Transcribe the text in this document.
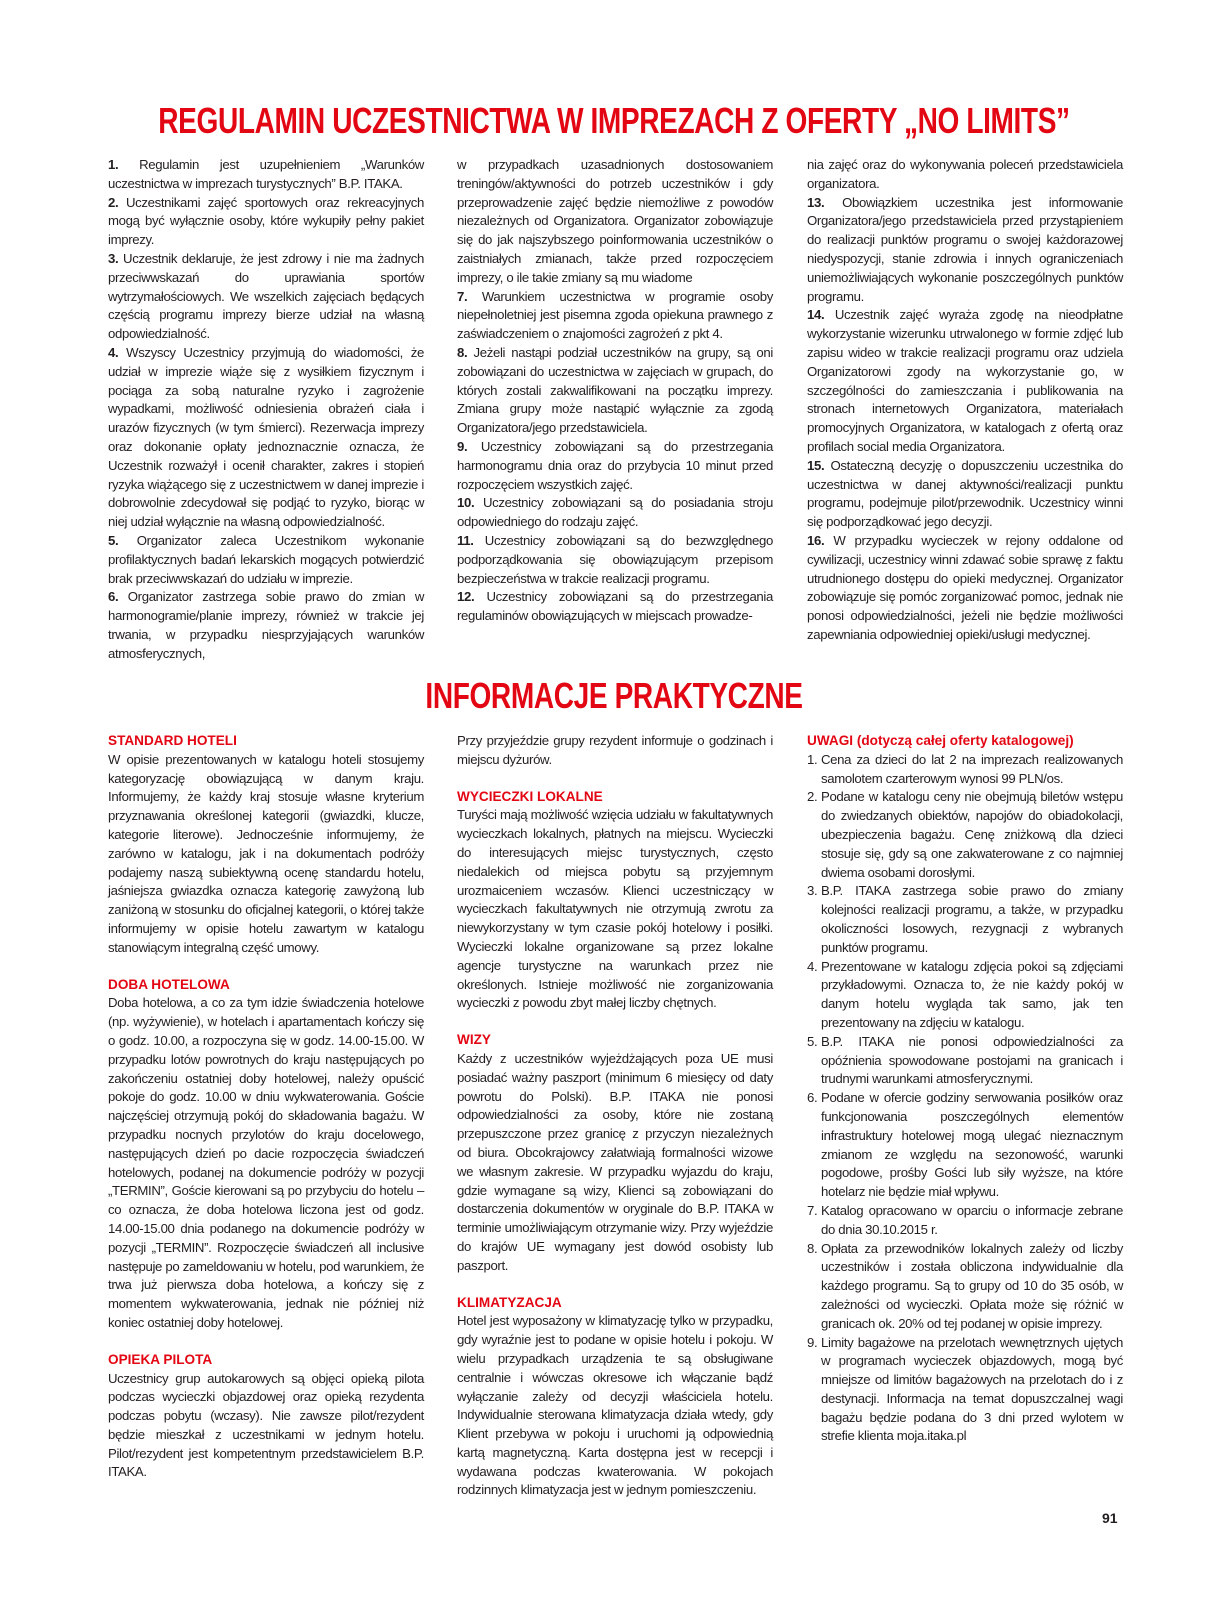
REGULAMIN UCZESTNICTWA W IMPREZACH Z OFERTY „NO LIMITS”

1. Regulamin jest uzupełnieniem „Warunków uczestnictwa w imprezach turystycznych” B.P. ITAKA.

2. Uczestnikami zajęć sportowych oraz rekreacyjnych mogą być wyłącznie osoby, które wykupiły pełny pakiet imprezy.

3. Uczestnik deklaruje, że jest zdrowy i nie ma żadnych przeciwwskazań do uprawiania sportów wytrzymałościowych. We wszelkich zajęciach będących częścią programu imprezy bierze udział na własną odpowiedzialność.

4. Wszyscy Uczestnicy przyjmują do wiadomości, że udział w imprezie wiąże się z wysiłkiem fizycznym i pociąga za sobą naturalne ryzyko i zagrożenie wypadkami, możliwość odniesienia obrażeń ciała i urazów fizycznych (w tym śmierci). Rezerwacja imprezy oraz dokonanie opłaty jednoznacznie oznacza, że Uczestnik rozważył i ocenił charakter, zakres i stopień ryzyka wiążącego się z uczestnictwem w danej imprezie i dobrowolnie zdecydował się podjąć to ryzyko, biorąc w niej udział wyłącznie na własną odpowiedzialność.

5. Organizator zaleca Uczestnikom wykonanie profilaktycznych badań lekarskich mogących potwierdzić brak przeciwwskazań do udziału w imprezie.

6. Organizator zastrzega sobie prawo do zmian w harmonogramie/planie imprezy, również w trakcie jej trwania, w przypadku niesprzyjających warunków atmosferycznych,

w przypadkach uzasadnionych dostosowaniem treningów/aktywności do potrzeb uczestników i gdy przeprowadzenie zajęć będzie niemożliwe z powodów niezależnych od Organizatora. Organizator zobowiązuje się do jak najszybszego poinformowania uczestników o zaistniałych zmianach, także przed rozpoczęciem imprezy, o ile takie zmiany są mu wiadome

7. Warunkiem uczestnictwa w programie osoby niepełnoletniej jest pisemna zgoda opiekuna prawnego z zaświadczeniem o znajomości zagrożeń z pkt 4.

8. Jeżeli nastąpi podział uczestników na grupy, są oni zobowiązani do uczestnictwa w zajęciach w grupach, do których zostali zakwalifikowani na początku imprezy. Zmiana grupy może nastąpić wyłącznie za zgodą Organizatora/jego przedstawiciela.

9. Uczestnicy zobowiązani są do przestrzegania harmonogramu dnia oraz do przybycia 10 minut przed rozpoczęciem wszystkich zajęć.

10. Uczestnicy zobowiązani są do posiadania stroju odpowiedniego do rodzaju zajęć.

11. Uczestnicy zobowiązani są do bezwzględnego podporządkowania się obowiązującym przepisom bezpieczeństwa w trakcie realizacji programu.

12. Uczestnicy zobowiązani są do przestrzegania regulaminów obowiązujących w miejscach prowadze-

nia zajęć oraz do wykonywania poleceń przedstawiciela organizatora.

13. Obowiązkiem uczestnika jest informowanie Organizatora/jego przedstawiciela przed przystąpieniem do realizacji punktów programu o swojej każdorazowej niedyspozycji, stanie zdrowia i innych ograniczeniach uniemożliwiających wykonanie poszczególnych punktów programu.

14. Uczestnik zajęć wyraża zgodę na nieodpłatne wykorzystanie wizerunku utrwalonego w formie zdjęć lub zapisu wideo w trakcie realizacji programu oraz udziela Organizatorowi zgody na wykorzystanie go, w szczególności do zamieszczania i publikowania na stronach internetowych Organizatora, materiałach promocyjnych Organizatora, w katalogach z ofertą oraz profilach social media Organizatora.

15. Ostateczną decyzję o dopuszczeniu uczestnika do uczestnictwa w danej aktywności/realizacji punktu programu, podejmuje pilot/przewodnik. Uczestnicy winni się podporządkować jego decyzji.

16. W przypadku wycieczek w rejony oddalone od cywilizacji, uczestnicy winni zdawać sobie sprawę z faktu utrudnionego dostępu do opieki medycznej. Organizator zobowiązuje się pomóc zorganizować pomoc, jednak nie ponosi odpowiedzialności, jeżeli nie będzie możliwości zapewniania odpowiedniej opieki/usługi medycznej.

INFORMACJE PRAKTYCZNE

STANDARD HOTELI

W opisie prezentowanych w katalogu hoteli stosujemy kategoryzację obowiązującą w danym kraju. Informujemy, że każdy kraj stosuje własne kryterium przyznawania określonej kategorii (gwiazdki, klucze, kategorie literowe). Jednocześnie informujemy, że zarówno w katalogu, jak i na dokumentach podróży podajemy naszą subiektywną ocenę standardu hotelu, jaśniejsza gwiazdka oznacza kategorię zawyżoną lub zaniżoną w stosunku do oficjalnej kategorii, o której także informujemy w opisie hotelu zawartym w katalogu stanowiącym integralną część umowy.

DOBA HOTELOWA

Doba hotelowa, a co za tym idzie świadczenia hotelowe (np. wyżywienie), w hotelach i apartamentach kończy się o godz. 10.00, a rozpoczyna się w godz. 14.00-15.00. W przypadku lotów powrotnych do kraju następujących po zakończeniu ostatniej doby hotelowej, należy opuścić pokoje do godz. 10.00 w dniu wykwaterowania. Goście najczęściej otrzymują pokój do składowania bagażu. W przypadku nocnych przylotów do kraju docelowego, następujących dzień po dacie rozpoczęcia świadczeń hotelowych, podanej na dokumencie podróży w pozycji „TERMIN”, Goście kierowani są po przybyciu do hotelu – co oznacza, że doba hotelowa liczona jest od godz. 14.00-15.00 dnia podanego na dokumencie podróży w pozycji „TERMIN”. Rozpoczęcie świadczeń all inclusive następuje po zameldowaniu w hotelu, pod warunkiem, że trwa już pierwsza doba hotelowa, a kończy się z momentem wykwaterowania, jednak nie później niż koniec ostatniej doby hotelowej.

OPIEKA PILOTA

Uczestnicy grup autokarowych są objęci opieką pilota podczas wycieczki objazdowej oraz opieką rezydenta podczas pobytu (wczasy). Nie zawsze pilot/rezydent będzie mieszkał z uczestnikami w jednym hotelu. Pilot/rezydent jest kompetentnym przedstawicielem B.P. ITAKA.

Przy przyjeździe grupy rezydent informuje o godzinach i miejscu dyżurów.

WYCIECZKI LOKALNE

Turyści mają możliwość wzięcia udziału w fakultatywnych wycieczkach lokalnych, płatnych na miejscu. Wycieczki do interesujących miejsc turystycznych, często niedalekich od miejsca pobytu są przyjemnym urozmaiceniem wczasów. Klienci uczestniczący w wycieczkach fakultatywnych nie otrzymują zwrotu za niewykorzystany w tym czasie pokój hotelowy i posiłki. Wycieczki lokalne organizowane są przez lokalne agencje turystyczne na warunkach przez nie określonych. Istnieje możliwość nie zorganizowania wycieczki z powodu zbyt małej liczby chętnych.

WIZY

Każdy z uczestników wyjeżdżających poza UE musi posiadać ważny paszport (minimum 6 miesięcy od daty powrotu do Polski). B.P. ITAKA nie ponosi odpowiedzialności za osoby, które nie zostaną przepuszczone przez granicę z przyczyn niezależnych od biura. Obcokrajowcy załatwiają formalności wizowe we własnym zakresie. W przypadku wyjazdu do kraju, gdzie wymagane są wizy, Klienci są zobowiązani do dostarczenia dokumentów w oryginale do B.P. ITAKA w terminie umożliwiającym otrzymanie wizy. Przy wyjeździe do krajów UE wymagany jest dowód osobisty lub paszport.

KLIMATYZACJA

Hotel jest wyposażony w klimatyzację tylko w przypadku, gdy wyraźnie jest to podane w opisie hotelu i pokoju. W wielu przypadkach urządzenia te są obsługiwane centralnie i wówczas okresowe ich włączanie bądź wyłączanie zależy od decyzji właściciela hotelu. Indywidualnie sterowana klimatyzacja działa wtedy, gdy Klient przebywa w pokoju i uruchomi ją odpowiednią kartą magnetyczną. Karta dostępna jest w recepcji i wydawana podczas kwaterowania. W pokojach rodzinnych klimatyzacja jest w jednym pomieszczeniu.

UWAGI (dotyczą całej oferty katalogowej)

1. Cena za dzieci do lat 2 na imprezach realizowanych samolotem czarterowym wynosi 99 PLN/os.
2. Podane w katalogu ceny nie obejmują biletów wstępu do zwiedzanych obiektów, napojów do obiadokolacji, ubezpieczenia bagażu. Cenę zniżkową dla dzieci stosuje się, gdy są one zakwaterowane z co najmniej dwiema osobami dorosłymi.
3. B.P. ITAKA zastrzega sobie prawo do zmiany kolejności realizacji programu, a także, w przypadku okoliczności losowych, rezygnacji z wybranych punktów programu.
4. Prezentowane w katalogu zdjęcia pokoi są zdjęciami przykładowymi. Oznacza to, że nie każdy pokój w danym hotelu wygląda tak samo, jak ten prezentowany na zdjęciu w katalogu.
5. B.P. ITAKA nie ponosi odpowiedzialności za opóźnienia spowodowane postojami na granicach i trudnymi warunkami atmosferycznymi.
6. Podane w ofercie godziny serwowania posiłków oraz funkcjonowania poszczególnych elementów infrastruktury hotelowej mogą ulegać nieznacznym zmianom ze względu na sezonowość, warunki pogodowe, prośby Gości lub siły wyższe, na które hotelarz nie będzie miał wpływu.
7. Katalog opracowano w oparciu o informacje zebrane do dnia 30.10.2015 r.
8. Opłata za przewodników lokalnych zależy od liczby uczestników i została obliczona indywidualnie dla każdego programu. Są to grupy od 10 do 35 osób, w zależności od wycieczki. Opłata może się różnić w granicach ok. 20% od tej podanej w opisie imprezy.
9. Limity bagażowe na przelotach wewnętrznych ujętych w programach wycieczek objazdowych, mogą być mniejsze od limitów bagażowych na przelotach do i z destynacji. Informacja na temat dopuszczalnej wagi bagażu będzie podana do 3 dni przed wylotem w strefie klienta moja.itaka.pl
91
